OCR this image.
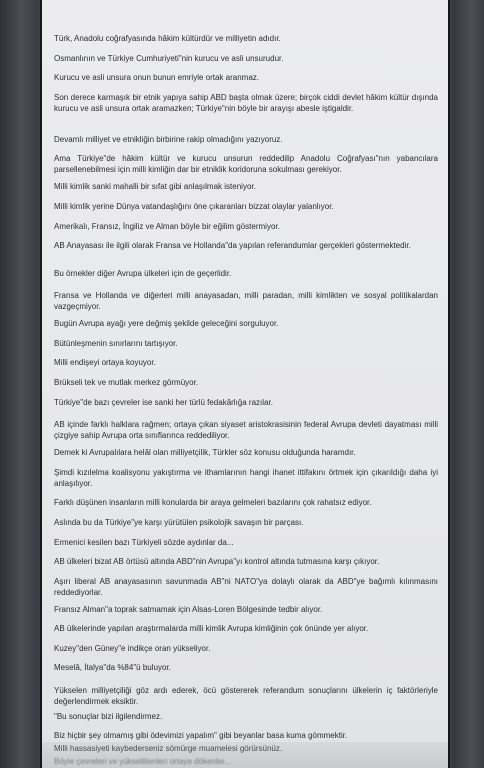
Türk, Anadolu coğrafyasında hâkim kültürdür ve milliyetin adıdır.

Osmanlının ve Türkiye Cumhuriyeti"nin kurucu ve asli unsurudur.

Kurucu ve asli unsura onun bunun emriyle ortak aranmaz.

Son derece karmaşık bir etnik yapıya sahip ABD başta olmak üzere; birçok ciddi devlet hâkim kültür dışında kurucu ve asli unsura ortak aramazken; Türkiye"nin böyle bir arayışı abesle iştigaldir.

Devamlı milliyet ve etnikliğin birbirine rakip olmadığını yazıyoruz.

Ama Türkiye"de hâkim kültür ve kurucu unsurun reddedilip Anadolu Coğrafyası"nın yabancılara parsellenebilmesi için milli kimliğin dar bir etniklik koridoruna sokulması gerekiyor.

Milli kimlik sanki mahalli bir sıfat gibi anlaşılmak isteniyor.

Milli kimlik yerine Dünya vatandaşlığını öne çıkaranları bizzat olaylar yalanlıyor.

Amerikalı, Fransız, İngiliz ve Alman böyle bir eğilim göstermiyor.

AB Anayasası ile ilgili olarak Fransa ve Hollanda"da yapılan referandumlar gerçekleri göstermektedir.

Bu örnekler diğer Avrupa ülkeleri için de geçerlidir.

Fransa ve Hollanda ve diğerleri milli anayasadan, milli paradan, milli kimlikten ve sosyal politikalardan vazgeçmiyor.

Bugün Avrupa ayağı yere değmiş şekilde geleceğini sorguluyor.

Bütünleşmenin sınırlarını tartışıyor.

Milli endişeyi ortaya koyuyor.

Brükseli tek ve mutlak merkez görmüyor.

Türkiye"de bazı çevreler ise sanki her türlü fedakârlığa razılar.

AB içinde farklı halklara rağmen; ortaya çıkan siyaset aristokrasisinin federal Avrupa devleti dayatması milli çizgiye sahip Avrupa orta sınıflarınca reddediliyor.

Demek ki Avrupalılara helâl olan milliyetçilik, Türkler söz konusu olduğunda haramdır.

Şimdi kızılelma koalisyonu yakıştırma ve ithamlarının hangi ihanet ittifakını örtmek için çıkarıldığı daha iyi anlaşılıyor.

Farklı düşünen insanların milli konularda bir araya gelmeleri bazılarını çok rahatsız ediyor.

Aslında bu da Türkiye"ye karşı yürütülen psikolojik savaşın bir parçası.

Ermenici kesilen bazı Türkiyeli sözde aydınlar da...

AB ülkeleri bizat AB örtüsü altında ABD"nin Avrupa"yı kontrol altında tutmasına karşı çıkıyor.

Aşırı liberal AB anayasasının savunmada AB"ni NATO"ya dolaylı olarak da ABD"ye bağımlı kılınmasını reddediyorlar.

Fransız Alman"a toprak satmamak için Alsas-Loren Bölgesinde tedbir alıyor.

AB ülkelerinde yapılan araştırmalarda milli kimlik Avrupa kimliğinin çok önünde yer alıyor.

Kuzey"den Güney"e indikçe oran yükseliyor.

Meselâ, İtalya"da %84"ü buluyor.

Yükselen milliyetçiliği göz ardı ederek, öcü göstererek referandum sonuçlarını ülkelerin iç faktörleriyle değerlendirmek eksiktir.

"Bu sonuçlar bizi ilgilendirmez.

Biz hiçbir şey olmamış gibi ödevimizi yapalım" gibi beyanlar basa kuma gömmektir.

Milli hassasiyeti kaybederseniz sömürge muamelesi görürsünüz.
Böyle çevreleri ve yükseltilenleri ortaya dökenler...
